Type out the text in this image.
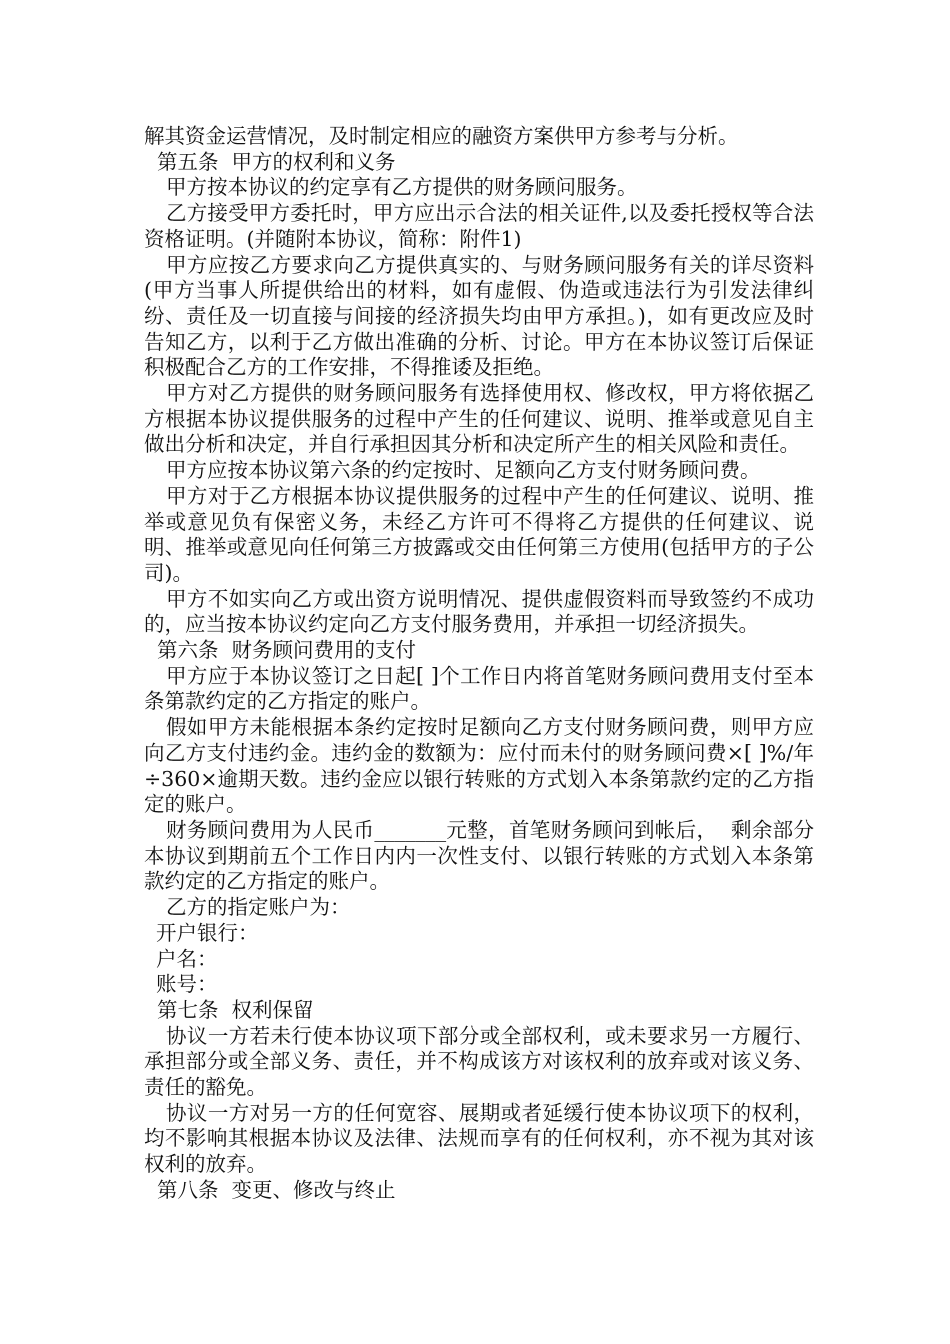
解其资金运营情况，及时制定相应的融资方案供甲方参考与分析。

第五条  甲方的权利和义务

甲方按本协议的约定享有乙方提供的财务顾问服务。

乙方接受甲方委托时，甲方应出示合法的相关证件,以及委托授权等合法资格证明。(并随附本协议，简称：附件1)

甲方应按乙方要求向乙方提供真实的、与财务顾问服务有关的详尽资料(甲方当事人所提供给出的材料，如有虚假、伪造或违法行为引发法律纠纷、责任及一切直接与间接的经济损失均由甲方承担。)，如有更改应及时告知乙方，以利于乙方做出准确的分析、讨论。甲方在本协议签订后保证积极配合乙方的工作安排，不得推诿及拒绝。

甲方对乙方提供的财务顾问服务有选择使用权、修改权，甲方将依据乙方根据本协议提供服务的过程中产生的任何建议、说明、推举或意见自主做出分析和决定，并自行承担因其分析和决定所产生的相关风险和责任。

甲方应按本协议第六条的约定按时、足额向乙方支付财务顾问费。

甲方对于乙方根据本协议提供服务的过程中产生的任何建议、说明、推举或意见负有保密义务，未经乙方许可不得将乙方提供的任何建议、说明、推举或意见向任何第三方披露或交由任何第三方使用(包括甲方的子公司)。

甲方不如实向乙方或出资方说明情况、提供虚假资料而导致签约不成功的，应当按本协议约定向乙方支付服务费用，并承担一切经济损失。

第六条  财务顾问费用的支付

甲方应于本协议签订之日起[ ]个工作日内将首笔财务顾问费用支付至本条第款约定的乙方指定的账户。

假如甲方未能根据本条约定按时足额向乙方支付财务顾问费，则甲方应向乙方支付违约金。违约金的数额为：应付而未付的财务顾问费×[ ]%/年÷360×逾期天数。违约金应以银行转账的方式划入本条第款约定的乙方指定的账户。

财务顾问费用为人民币_______元整，首笔财务顾问到帐后，  剩余部分本协议到期前五个工作日内内一次性支付、以银行转账的方式划入本条第款约定的乙方指定的账户。

乙方的指定账户为：

开户银行：

户名：

账号：

第七条  权利保留

协议一方若未行使本协议项下部分或全部权利，或未要求另一方履行、承担部分或全部义务、责任，并不构成该方对该权利的放弃或对该义务、责任的豁免。

协议一方对另一方的任何宽容、展期或者延缓行使本协议项下的权利，均不影响其根据本协议及法律、法规而享有的任何权利，亦不视为其对该权利的放弃。

第八条  变更、修改与终止
